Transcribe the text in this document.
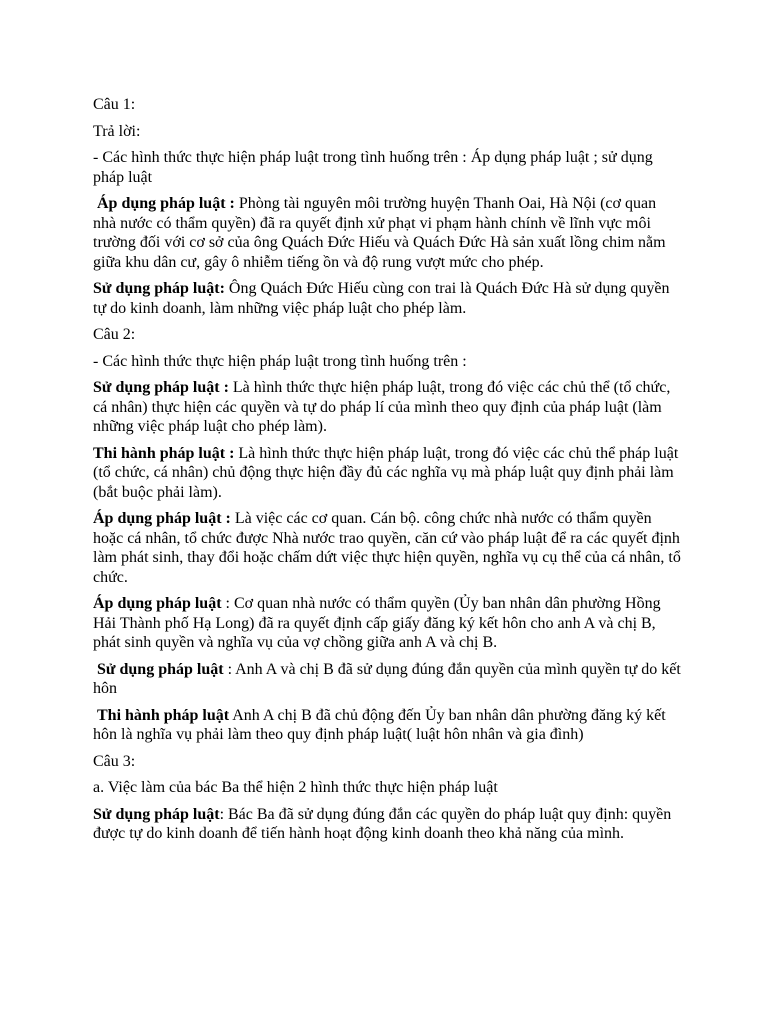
Câu 1:

Trả lời:

- Các hình thức thực hiện pháp luật trong tình huống trên : Áp dụng pháp luật ; sử dụng pháp luật

Áp dụng pháp luật : Phòng tài nguyên môi trường huyện Thanh Oai, Hà Nội (cơ quan nhà nước có thẩm quyền) đã ra quyết định xử phạt vi phạm hành chính về lĩnh vực môi trường đối với cơ sở của ông Quách Đức Hiếu và Quách Đức Hà sản xuất lồng chim nằm giữa khu dân cư, gây ô nhiễm tiếng ồn và độ rung vượt mức cho phép.

Sử dụng pháp luật: Ông Quách Đức Hiếu cùng con trai là Quách Đức Hà sử dụng quyền tự do kinh doanh, làm những việc pháp luật cho phép làm.

Câu 2:

- Các hình thức thực hiện pháp luật trong tình huống trên :

Sử dụng pháp luật : Là hình thức thực hiện pháp luật, trong đó việc các chủ thể (tổ chức, cá nhân) thực hiện các quyền và tự do pháp lí của mình theo quy định của pháp luật (làm những việc pháp luật cho phép làm).

Thi hành pháp luật : Là hình thức thực hiện pháp luật, trong đó việc các chủ thể pháp luật (tổ chức, cá nhân) chủ động thực hiện đầy đủ các nghĩa vụ mà pháp luật quy định phải làm (bắt buộc phải làm).

Áp dụng pháp luật : Là việc các cơ quan. Cán bộ. công chức nhà nước có thẩm quyền hoặc cá nhân, tổ chức được Nhà nước trao quyền, căn cứ vào pháp luật để ra các quyết định làm phát sinh, thay đổi hoặc chấm dứt việc thực hiện quyền, nghĩa vụ cụ thể của cá nhân, tổ chức.

Áp dụng pháp luật : Cơ quan nhà nước có thẩm quyền (Ủy ban nhân dân phường Hồng Hải Thành phố Hạ Long) đã ra quyết định cấp giấy đăng ký kết hôn cho anh A và chị B, phát sinh quyền và nghĩa vụ của vợ chồng giữa anh A và chị B.

Sử dụng pháp luật : Anh A và chị B đã sử dụng đúng đắn quyền của mình quyền tự do kết hôn

Thi hành pháp luật Anh A chị B đã chủ động đến Ủy ban nhân dân phường đăng ký kết hôn là nghĩa vụ phải làm theo quy định pháp luật( luật hôn nhân và gia đình)

Câu 3:

a. Việc làm của bác Ba thể hiện 2 hình thức thực hiện pháp luật

Sử dụng pháp luật: Bác Ba đã sử dụng đúng đắn các quyền do pháp luật quy định: quyền được tự do kinh doanh để tiến hành hoạt động kinh doanh theo khả năng của mình.
